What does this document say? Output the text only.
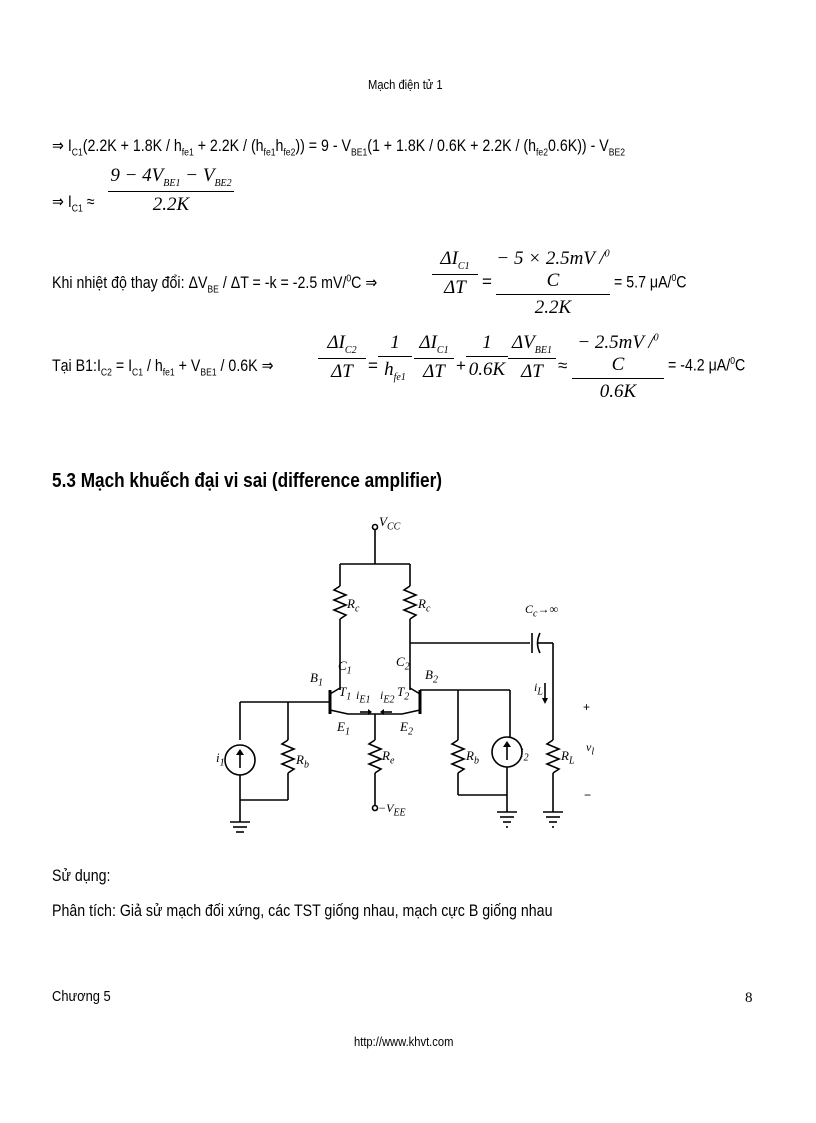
Mạch điện tử 1
⇒ $I_{C1}(2.2K + 1.8K / h_{fe1} + 2.2K / (h_{fe1}h_{fe2})) = 9 - V_{BE1}(1 + 1.8K / 0.6K + 2.2K / (h_{fe2}0.6K)) - V_{BE2}$
⇒ $I_{C1}$ ≈
$9 - 4V_{BE1} - V_{BE2}$
2.2K
Khi nhiệt độ thay đổi: $\Delta V_{BE} / \Delta T = -k = -2.5$ mV/$^0$C ⇒
$\Delta I_{C1}$
ΔT =
− 5 × 2.5mV /$^0$ C
2.2K
= 5.7 μA/$^0$C
Tại $B1:I_{C2} = I_{C1} / h_{fe1} + V_{BE1} / 0.6K$ ⇒
$\Delta I_{C2}$
ΔT =
1
$h_{fe1}$
$\Delta I_{C1}$
ΔT +
1
0.6K
$\Delta V_{BE1}$
ΔT ≈
− 2.5mV /$^0$ C
0.6K
= -4.2 μA/$^0$C
5.3 Mạch khuếch đại vi sai (difference amplifier)
$V_{CC}$
$R_c$	$R_c$
$C_1$
$C_2$
$B_1$
$B_2$
$T_1$	$T_2$
$i_{E1}$ $i_{E2}$
$E_1$	$E_2$
$R_e$
$R_b$
$R_b$
$i_1$
$i_2$ $R_L$
$i_L$
$v_l$
$-V_{EE}$
$C_c\to\infty$
+
−
Sử dụng:
Phân tích: Giả sử mạch đối xứng, các TST giống nhau, mạch cực B giống nhau
Chương 5	8
http://www.khvt.com
